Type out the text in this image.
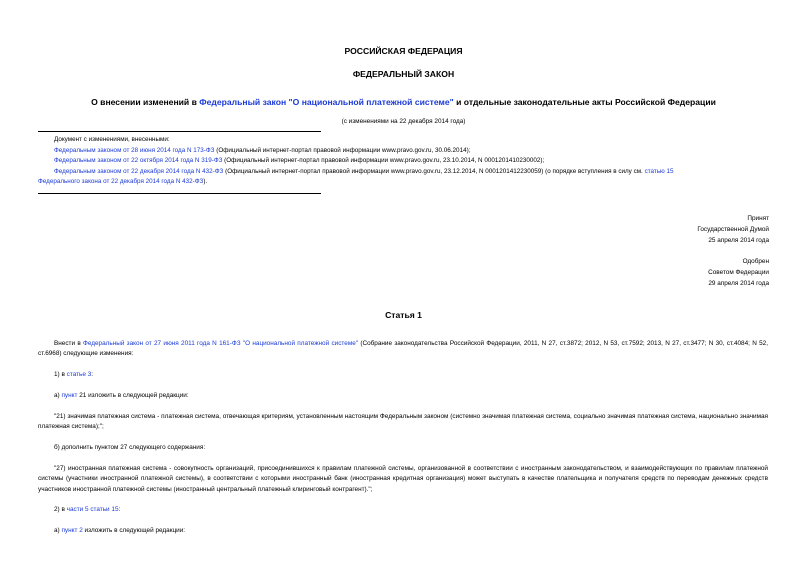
РОССИЙСКАЯ ФЕДЕРАЦИЯ
ФЕДЕРАЛЬНЫЙ ЗАКОН
О внесении изменений в Федеральный закон "О национальной платежной системе" и отдельные законодательные акты Российской Федерации
(с изменениями на 22 декабря 2014 года)
Документ с изменениями, внесенными:
Федеральным законом от 28 июня 2014 года N 173-ФЗ (Официальный интернет-портал правовой информации www.pravo.gov.ru, 30.06.2014);
Федеральным законом от 22 октября 2014 года N 319-ФЗ (Официальный интернет-портал правовой информации www.pravo.gov.ru, 23.10.2014, N 0001201410230002);
Федеральным законом от 22 декабря 2014 года N 432-ФЗ (Официальный интернет-портал правовой информации www.pravo.gov.ru, 23.12.2014, N 0001201412230059) (о порядке вступления в силу см. статью 15
Федерального закона от 22 декабря 2014 года N 432-ФЗ).
Принят
Государственной Думой
25 апреля 2014 года
Одобрен
Советом Федерации
29 апреля 2014 года
Статья 1
Внести в Федеральный закон от 27 июня 2011 года N 161-ФЗ "О национальной платежной системе" (Собрание законодательства Российской Федерации, 2011, N 27, ст.3872; 2012, N 53, ст.7592; 2013, N 27, ст.3477; N 30, ст.4084; N 52, ст.6968) следующие изменения:
1) в статье 3:
а) пункт 21 изложить в следующей редакции:
"21) значимая платежная система - платежная система, отвечающая критериям, установленным настоящим Федеральным законом (системно значимая платежная система, социально значимая платежная система, национально значимая платежная система);";
б) дополнить пунктом 27 следующего содержания:
"27) иностранная платежная система - совокупность организаций, присоединившихся к правилам платежной системы, организованной в соответствии с иностранным законодательством, и взаимодействующих по правилам платежной системы (участники иностранной платежной системы), в соответствии с которыми иностранный банк (иностранная кредитная организация) может выступать в качестве плательщика и получателя средств по переводам денежных средств участников иностранной платежной системы (иностранный центральный платежный клиринговый контрагент).";
2) в части 5 статьи 15:
а) пункт 2 изложить в следующей редакции:
